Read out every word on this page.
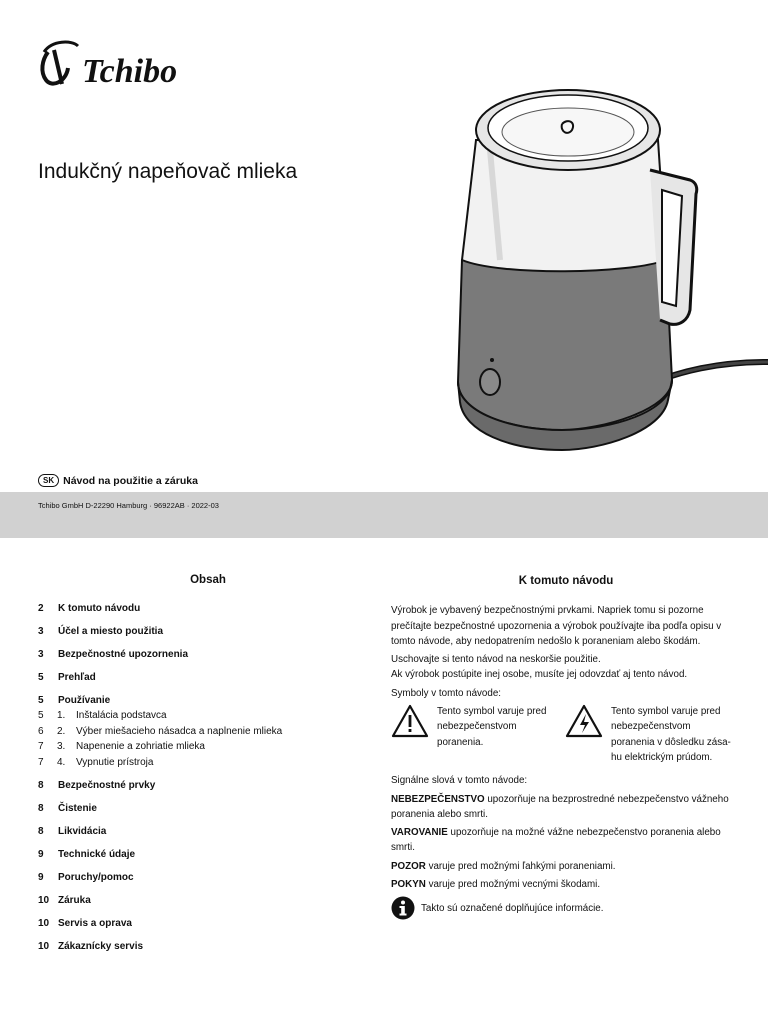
Tchibo
Indukčný napeňovač mlieka
SK Návod na použitie a záruka
Tchibo GmbH D-22290 Hamburg · 96922AB · 2022-03
Obsah
2	K tomuto návodu
3	Účel a miesto použitia
3	Bezpečnostné upozornenia
5	Prehľad
5	Používanie
5	1.	Inštalácia podstavca
6	2.	Výber miešacieho násadca a naplnenie mlieka
7	3.	Napenenie a zohriatie mlieka
7	4.	Vypnutie prístroja
8	Bezpečnostné prvky
8	Čistenie
8	Likvidácia
9	Technické údaje
9	Poruchy/pomoc
10 Záruka
10 Servis a oprava
10 Zákaznícky servis
K tomuto návodu

Výrobok je vybavený bezpečnostnými prvkami. Napriek tomu si pozorne prečítajte bezpečnostné upozornenia a výrobok používajte iba podľa opisu v tomto návode, aby nedopatrením nedošlo k poraneniam alebo škodám.

Uschovajte si tento návod na neskoršie použitie.

Ak výrobok postúpite inej osobe, musíte jej odovzdať aj tento návod.

Symboly v tomto návode:

Tento symbol varuje pred nebezpečenstvom poranenia.
Tento symbol varuje pred nebezpečenstvom poranenia v dôsledku zása-hu elektrickým prúdom.

Signálne slová v tomto návode:

NEBEZPEČENSTVO upozorňuje na bezprostredné nebezpečenstvo vážneho poranenia alebo smrti.

VAROVANIE upozorňuje na možné vážne nebezpečenstvo poranenia alebo smrti.

POZOR varuje pred možnými ľahkými poraneniami.

POKYN varuje pred možnými vecnými škodami.

Takto sú označené doplňujúce informácie.
